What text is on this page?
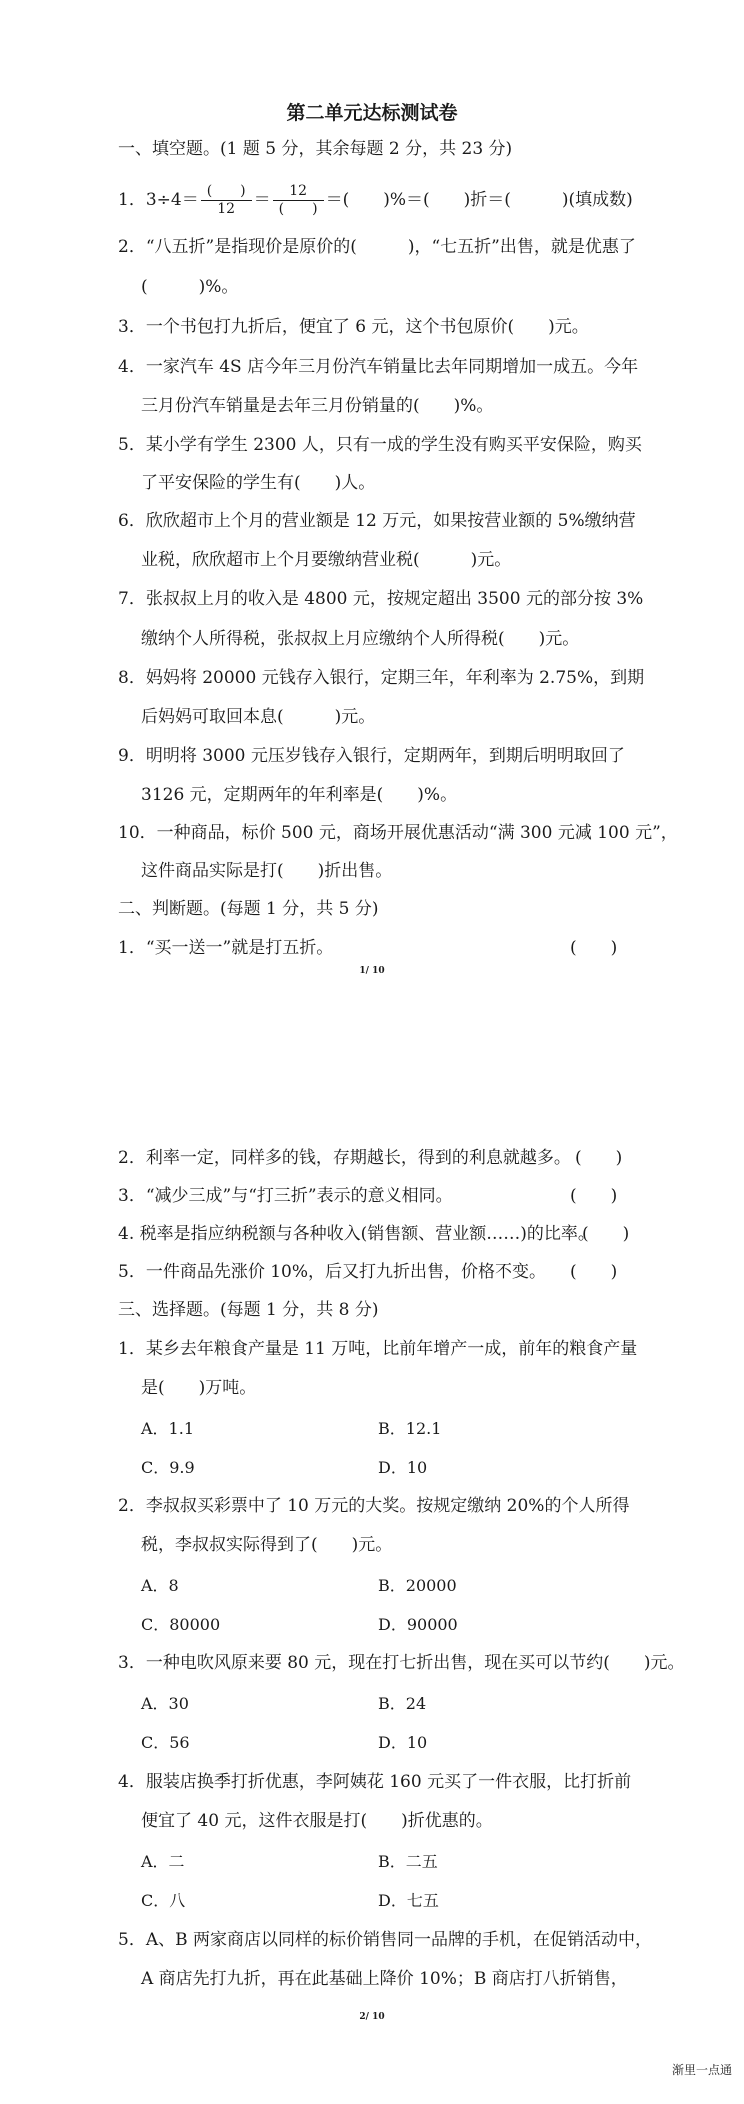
第二单元达标测试卷
一、填空题。(1 题 5 分，其余每题 2 分，共 23 分)
1．$3\div 4= \frac{( )}{12} = \frac{12}{( )}$ ＝(　　)%＝(　　)折＝(　　　)(填成数)
2．“八五折”是指现价是原价的(　　　)，“七五折”出售，就是优惠了
(　　　)%。
3．一个书包打九折后，便宜了 6 元，这个书包原价(　　)元。
4．一家汽车 4S 店今年三月份汽车销量比去年同期增加一成五。今年
三月份汽车销量是去年三月份销量的(　　)%。
5．某小学有学生 2300 人，只有一成的学生没有购买平安保险，购买
了平安保险的学生有(　　)人。
6．欣欣超市上个月的营业额是 12 万元，如果按营业额的 5%缴纳营
业税，欣欣超市上个月要缴纳营业税(　　　)元。
7．张叔叔上月的收入是 4800 元，按规定超出 3500 元的部分按 3%
缴纳个人所得税，张叔叔上月应缴纳个人所得税(　　)元。
8．妈妈将 20000 元钱存入银行，定期三年，年利率为 2.75%，到期
后妈妈可取回本息(　　　)元。
9．明明将 3000 元压岁钱存入银行，定期两年，到期后明明取回了
3126 元，定期两年的年利率是(　　)%。
10．一种商品，标价 500 元，商场开展优惠活动“满 300 元减 100 元”，
这件商品实际是打(　　)折出售。
二、判断题。(每题 1 分，共 5 分)
1．“买一送一”就是打五折。	(　　)
1/ 10
2．利率一定，同样多的钱，存期越长，得到的利息就越多。 (　　)
3．“减少三成”与“打三折”表示的意义相同。	(　　)
4. 税率是指应纳税额与各种收入(销售额、营业额……)的比率。
(　　)
5．一件商品先涨价 10%，后又打九折出售，价格不变。 (　　)
三、选择题。(每题 1 分，共 8 分)
1．某乡去年粮食产量是 11 万吨，比前年增产一成，前年的粮食产量
是(　　)万吨。
A．1.1	B．12.1
C．9.9	D．10
2．李叔叔买彩票中了 10 万元的大奖。按规定缴纳 20%的个人所得
税，李叔叔实际得到了(　　)元。
A．8	B．20000
C．80000	D．90000
3．一种电吹风原来要 80 元，现在打七折出售，现在买可以节约(　　)元。
A．30	B．24
C．56	D．10
4．服装店换季打折优惠，李阿姨花 160 元买了一件衣服，比打折前
便宜了 40 元，这件衣服是打(　　)折优惠的。
A．二	B．二五
C．八	D．七五
5．A、B 两家商店以同样的标价销售同一品牌的手机，在促销活动中，
A 商店先打九折，再在此基础上降价 10%；B 商店打八折销售，
2/ 10
渐里一点通
